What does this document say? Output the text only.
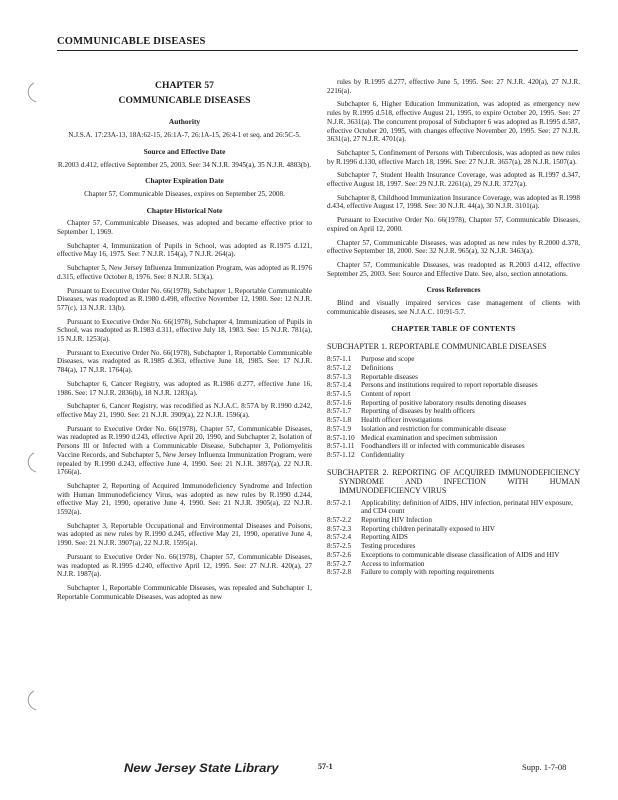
COMMUNICABLE DISEASES
CHAPTER 57
COMMUNICABLE DISEASES
Authority
N.J.S.A. 17:23A-13, 18A:62-15, 26:1A-7, 26:1A-15, 26:4-1 et seq. and 26:5C-5.
Source and Effective Date
R.2003 d.412, effective September 25, 2003. See: 34 N.J.R. 3945(a), 35 N.J.R. 4883(b).
Chapter Expiration Date
Chapter 57, Communicable Diseases, expires on September 25, 2008.
Chapter Historical Note

Chapter 57, Communicable Diseases, was adopted and became effective prior to September 1, 1969.

Subchapter 4, Immunization of Pupils in School, was adopted as R.1975 d.121, effective May 16, 1975. See: 7 N.J.R. 154(a), 7 N.J.R. 264(a).

Subchapter 5, New Jersey Influenza Immunization Program, was adopted as R.1976 d.315, effective October 8, 1976. See: 8 N.J.R. 513(a).

Pursuant to Executive Order No. 66(1978), Subchapter 1, Reportable Communicable Diseases, was readopted as R.1980 d.498, effective November 12, 1980. See: 12 N.J.R. 577(c), 13 N.J.R. 13(b).

Pursuant to Executive Order No. 66(1978), Subchapter 4, Immunization of Pupils in School, was readopted as R.1983 d.311, effective July 18, 1983. See: 15 N.J.R. 781(a), 15 N.J.R. 1253(a).

Pursuant to Executive Order No. 66(1978), Subchapter 1, Reportable Communicable Diseases, was readopted as R.1985 d.363, effective June 18, 1985. See: 17 N.J.R. 784(a), 17 N.J.R. 1764(a).

Subchapter 6, Cancer Registry, was adopted as R.1986 d.277, effective June 16, 1986. See: 17 N.J.R. 2836(b), 18 N.J.R. 1283(a).

Subchapter 6, Cancer Registry, was recodified as N.J.A.C. 8:57A by R.1990 d.242, effective May 21, 1990. See: 21 N.J.R. 3909(a), 22 N.J.R. 1596(a).

Pursuant to Executive Order No. 66(1978), Chapter 57, Communicable Diseases, was readopted as R.1990 d.243, effective April 20, 1990, and Subchapter 2, Isolation of Persons Ill or Infected with a Communicable Disease, Subchapter 3, Poliomyelitis Vaccine Records, and Subchapter 5, New Jersey Influenza Immunization Program, were repealed by R.1990 d.243, effective June 4, 1990. See: 21 N.J.R. 3897(a), 22 N.J.R. 1766(a).

Subchapter 2, Reporting of Acquired Immunodeficiency Syndrome and Infection with Human Immunodeficiency Virus, was adopted as new rules by R.1990 d.244, effective May 21, 1990, operative June 4, 1990. See: 21 N.J.R. 3905(a), 22 N.J.R. 1592(a).

Subchapter 3, Reportable Occupational and Environmental Diseases and Poisons, was adopted as new rules by R.1990 d.245, effective May 21, 1990, operative June 4, 1990. See: 21 N.J.R. 3907(a), 22 N.J.R. 1595(a).

Pursuant to Executive Order No. 66(1978), Chapter 57, Communicable Diseases, was readopted as R.1995 d.240, effective April 12, 1995. See: 27 N.J.R. 420(a), 27 N.J.R. 1987(a).

Subchapter 1, Reportable Communicable Diseases, was repealed and Subchapter 1, Reportable Communicable Diseases, was adopted as new

rules by R.1995 d.277, effective June 5, 1995. See: 27 N.J.R. 420(a), 27 N.J.R. 2216(a).

Subchapter 6, Higher Education Immunization, was adopted as emergency new rules by R.1995 d.518, effective August 21, 1995, to expire October 20, 1995. See: 27 N.J.R. 3631(a). The concurrent proposal of Subchapter 6 was adopted as R.1995 d.587, effective October 20, 1995, with changes effective November 20, 1995. See: 27 N.J.R. 3631(a), 27 N.J.R. 4701(a).

Subchapter 5, Confinement of Persons with Tuberculosis, was adopted as new rules by R.1996 d.130, effective March 18, 1996. See: 27 N.J.R. 3657(a), 28 N.J.R. 1507(a).

Subchapter 7, Student Health Insurance Coverage, was adopted as R.1997 d.347, effective August 18, 1997. See: 29 N.J.R. 2261(a), 29 N.J.R. 3727(a).

Subchapter 8, Childhood Immunization Insurance Coverage, was adopted as R.1998 d.434, effective August 17, 1998. See: 30 N.J.R. 44(a), 30 N.J.R. 3101(a).

Pursuant to Executive Order No. 66(1978), Chapter 57, Communicable Diseases, expired on April 12, 2000.

Chapter 57, Communicable Diseases, was adopted as new rules by R.2000 d.378, effective September 18, 2000. See: 32 N.J.R. 965(a), 32 N.J.R. 3463(a).

Chapter 57, Communicable Diseases, was readopted as R.2003 d.412, effective September 25, 2003. See: Source and Effective Date. See, also, section annotations.

Cross References

Blind and visually impaired services case management of clients with communicable diseases, see N.J.A.C. 10:91-5.7.

CHAPTER TABLE OF CONTENTS
SUBCHAPTER 1. REPORTABLE COMMUNICABLE DISEASES
8:57-1.1	Purpose and scope
8:57-1.2	Definitions
8:57-1.3	Reportable diseases
8:57-1.4	Persons and institutions required to report reportable diseases
8:57-1.5	Content of report
8:57-1.6	Reporting of positive laboratory results denoting diseases
8:57-1.7	Reporting of diseases by health officers
8:57-1.8	Health officer investigations
8:57-1.9	Isolation and restriction for communicable disease
8:57-1.10 Medical examination and specimen submission
8:57-1.11 Foodhandlers ill or infected with communicable diseases
8:57-1.12 Confidentiality
SUBCHAPTER 2. REPORTING OF ACQUIRED IMMUNODEFICIENCY SYNDROME AND INFECTION WITH HUMAN IMMUNODEFICIENCY VIRUS
8:57-2.1	Applicability; definition of AIDS, HIV infection, perinatal HIV exposure, and CD4 count
8:57-2.2	Reporting HIV Infection
8:57-2.3	Reporting children perinatally exposed to HIV
8:57-2.4	Reporting AIDS
8:57-2.5	Testing procedures
8:57-2.6	Exceptions to communicable disease classification of AIDS and HIV
8:57-2.7	Access to information
8:57-2.8	Failure to comply with reporting requirements
New Jersey State Library	57-1	Supp. 1-7-08
